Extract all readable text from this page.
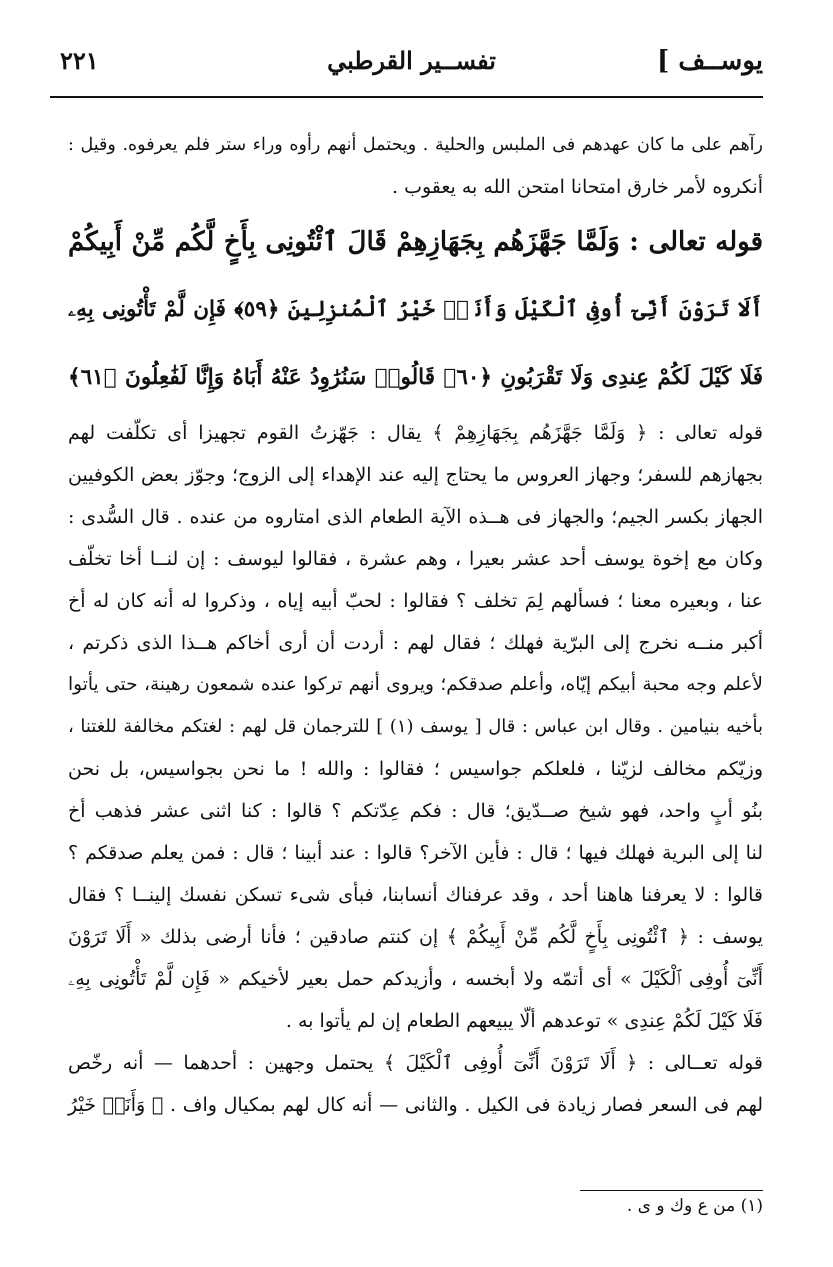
يوســف ]
تفســير القرطبي
٢٢١
رآهم على ما كان عهدهم فى الملبس والحلية . ويحتمل أنهم رأوه وراء ستر فلم يعرفوه. وقيل :
أنكروه لأمر خارق امتحانا امتحن الله به يعقوب .
قوله تعالى : وَلَمَّا جَهَّزَهُم بِجَهَازِهِمْ قَالَ ٱئْتُونِى بِأَخٍ لَّكُم مِّنْ أَبِيكُمْ
أَلَا تَرَوْنَ أَنِّىٓ أُوفِى ٱلْكَيْلَ وَأَنَا۠ خَيْرُ ٱلْمُنزِلِينَ ﴿٥٩﴾ فَإِن لَّمْ تَأْتُونِى بِهِۦ
فَلَا كَيْلَ لَكُمْ عِندِى وَلَا تَقْرَبُونِ ﴿٦٠﴾ قَالُوا۟ سَنُرَٰوِدُ عَنْهُ أَبَاهُ وَإِنَّا لَفَٰعِلُونَ ﴿٦١﴾
قوله تعالى : ﴿ وَلَمَّا جَهَّزَهُم بِجَهَازِهِمْ ﴾ يقال : جَهّزتُ القوم تجهيزا أى تكلّفت لهم
بجهازهم للسفر؛ وجهاز العروس ما يحتاج إليه عند الإهداء إلى الزوج؛ وجوّز بعض الكوفيين
الجهاز بكسر الجيم؛ والجهاز فى هــذه الآية الطعام الذى امتاروه من عنده . قال السُّدى :
وكان مع إخوة يوسف أحد عشر بعيرا ، وهم عشرة ، فقالوا ليوسف : إن لنــا أخا تخلّف
عنا ، وبعيره معنا ؛ فسألهم لِمَ تخلف ؟ فقالوا : لحبّ أبيه إياه ، وذكروا له أنه كان له أخ
أكبر منــه نخرج إلى البرّية فهلك ؛ فقال لهم : أردت أن أرى أخاكم هــذا الذى ذكرتم ،
لأعلم وجه محبة أبيكم إيّاه، وأعلم صدقكم؛ ويروى أنهم تركوا عنده شمعون رهينة، حتى يأتوا
بأخيه بنيامين . وقال ابن عباس : قال [ يوسف (١) ] للترجمان قل لهم : لغتكم مخالفة للغتنا ،
وزيّكم مخالف لزيّنا ، فلعلكم جواسيس ؛ فقالوا : والله ! ما نحن بجواسيس، بل نحن
بنُو أبٍ واحد، فهو شيخ صــدّيق؛ قال : فكم عِدّتكم ؟ قالوا : كنا اثنى عشر فذهب أخ
لنا إلى البرية فهلك فيها ؛ قال : فأين الآخر؟ قالوا : عند أبينا ؛ قال : فمن يعلم صدقكم ؟
قالوا : لا يعرفنا هاهنا أحد ، وقد عرفناك أنسابنا، فبأى شىء تسكن نفسك إلينــا ؟ فقال
يوسف : ﴿ ٱئْتُونِى بِأَخٍ لَّكُم مِّنْ أَبِيكُمْ ﴾ إن كنتم صادقين ؛ فأنا أرضى بذلك « أَلَا تَرَوْنَ
أَنِّىٓ أُوفِى ٱلْكَيْلَ » أى أتمّه ولا أبخسه ، وأزيدكم حمل بعير لأخيكم « فَإِن لَّمْ تَأْتُونِى بِهِۦ
فَلَا كَيْلَ لَكُمْ عِندِى » توعدهم ألّا يبيعهم الطعام إن لم يأتوا به .
قوله تعــالى : ﴿ أَلَا تَرَوْنَ أَنِّىٓ أُوفِى ٱلْكَيْلَ ﴾ يحتمل وجهين : أحدهما — أنه رخّص
لهم فى السعر فصار زيادة فى الكيل . والثانى — أنه كال لهم بمكيال واف . ﴿ وَأَنَا۠ خَيْرُ
(١) من ع وك و ى .
